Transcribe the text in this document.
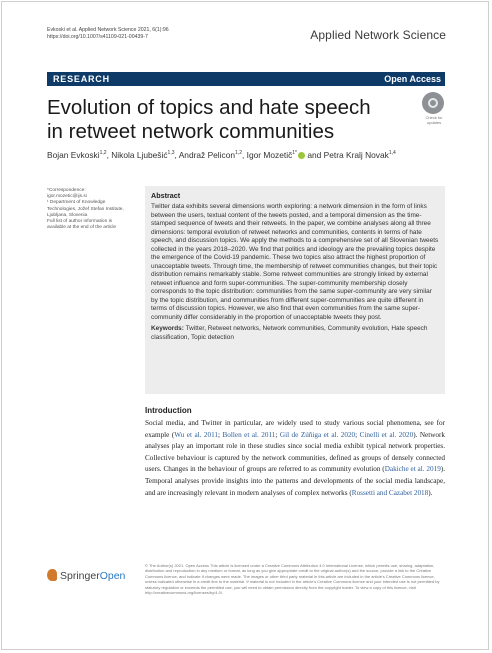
Evkoski et al. Applied Network Science 2021, 6(1):96
https://doi.org/10.1007/s41109-021-00439-7	Applied Network Science
RESEARCH	Open Access
Evolution of topics and hate speech in retweet network communities
Check for updates
Bojan Evkoski$^{1,2}$, Nikola Ljubešić$^{1,3}$, Andraž Pelicon$^{1,2}$, Igor Mozetič$^{1*}$ and Petra Kralj Novak$^{1,4}$
*Correspondence:
igor.mozetic@ijs.si
¹ Department of Knowledge Technologies, Jožef Stefan Institute, Ljubljana, Slovenia
Full list of author information is available at the end of the article
Abstract

Twitter data exhibits several dimensions worth exploring: a network dimension in the form of links between the users, textual content of the tweets posted, and a temporal dimension as the time-stamped sequence of tweets and their retweets. In the paper, we combine analyses along all three dimensions: temporal evolution of retweet networks and communities, contents in terms of hate speech, and discussion topics. We apply the methods to a comprehensive set of all Slovenian tweets collected in the years 2018–2020. We find that politics and ideology are the prevailing topics despite the emergence of the Covid-19 pandemic. These two topics also attract the highest proportion of unacceptable tweets. Through time, the membership of retweet communities changes, but their topic distribution remains remarkably stable. Some retweet communities are strongly linked by external retweet influence and form super-communities. The super-community membership closely corresponds to the topic distribution: communities from the same super-community are very similar by the topic distribution, and communities from different super-communities are quite different in terms of discussion topics. However, we also find that even communities from the same super-community differ considerably in the proportion of unacceptable tweets they post.

Keywords: Twitter, Retweet networks, Network communities, Community evolution, Hate speech classification, Topic detection
Introduction
Social media, and Twitter in particular, are widely used to study various social phenomena, see for example (Wu et al. 2011; Bollen et al. 2011; Gil de Zúñiga et al. 2020; Cinelli et al. 2020). Network analyses play an important role in these studies since social media exhibit typical network properties. Collective behaviour is captured by the network communities, defined as groups of densely connected users. Changes in the behaviour of groups are referred to as community evolution (Dakiche et al. 2019). Temporal analyses provide insights into the patterns and developments of the social media landscape, and are increasingly relevant in modern analyses of complex networks (Rossetti and Cazabet 2018).
SpringerOpen
© The Author(s) 2021. Open Access This article is licensed under a Creative Commons Attribution 4.0 International License, which permits use, sharing, adaptation, distribution and reproduction in any medium or format, as long as you give appropriate credit to the original author(s) and the source, provide a link to the Creative Commons licence, and indicate if changes were made. The images or other third party material in this article are included in the article's Creative Commons licence, unless indicated otherwise in a credit line to the material. If material is not included in the article's Creative Commons licence and your intended use is not permitted by statutory regulation or exceeds the permitted use, you will need to obtain permission directly from the copyright holder. To view a copy of this licence, visit http://creativecommons.org/licenses/by/4.0/.
